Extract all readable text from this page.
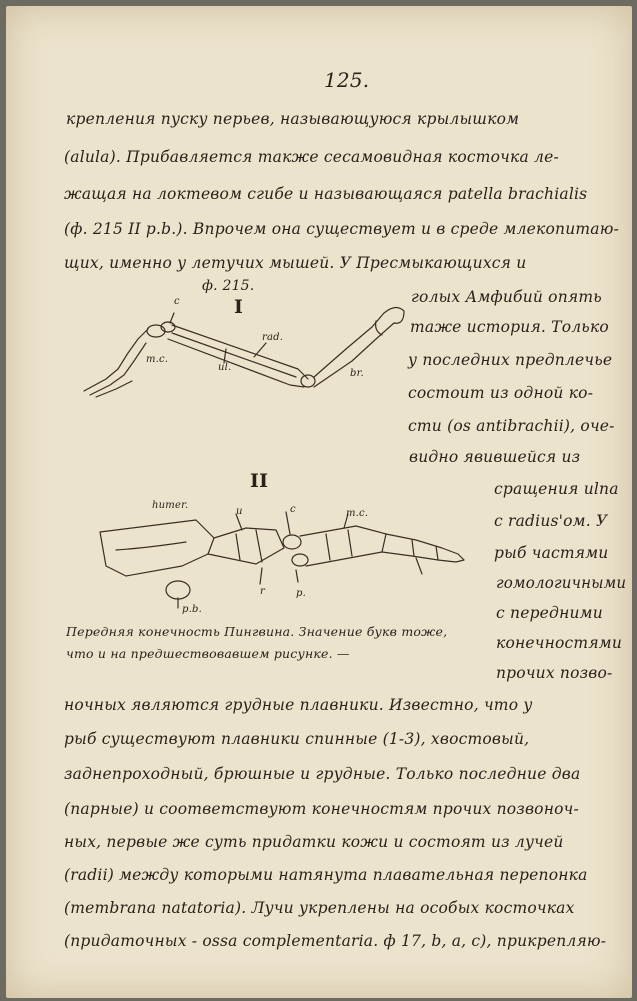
125.
крепления пуску перьев, называющуюся крылышком
(alula). Прибавляется также сесамовидная косточка ле-
жащая на локтевом сгибе и называющаяся patella brachialis
(ф. 215 II p.b.). Впрочем она существует и в среде млекопитаю-
щих, именно у летучих мышей. У Пресмыкающихся и
ф. 215.
I
c
rad.
m.c.
ul.
br.
голых Амфибий опять
таже история. Только
у последних предплечье
состоит из одной ко-
сти (os antibrachii), оче-
видно явившейся из
сращения ulna
с radius'ом. У
рыб частями
гомологичными
с передними
конечностями
прочих позво-
II
humer.
u	c	m.c.
p.
r
p.b.
Передняя конечность Пингвина. Значение букв тоже,
что и на предшествовавшем рисунке. —
ночных являются грудные плавники. Известно, что у
рыб существуют плавники спинные (1-3), хвостовый,
заднепроходный, брюшные и грудные. Только последние два
(парные) и соответствуют конечностям прочих позвоноч-
ных, первые же суть придатки кожи и состоят из лучей
(radii) между которыми натянута плавательная перепонка
(membrana natatoria). Лучи укреплены на особых косточках
(придаточных - ossa complementaria. ф 17, b, a, c), прикрепляю-
